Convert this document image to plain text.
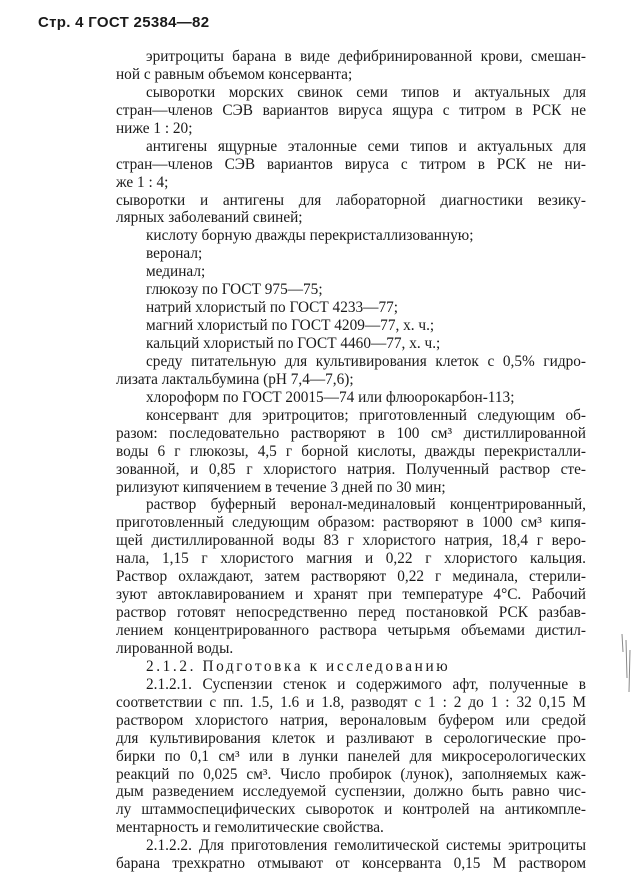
Стр. 4 ГОСТ 25384—82
эритроциты барана в виде дефибринированной крови, смешан-
ной с равным объемом консерванта;
сыворотки морских свинок семи типов и актуальных для
стран—членов СЭВ вариантов вируса ящура с титром в РСК не
ниже 1 : 20;
антигены ящурные эталонные семи типов и актуальных для
стран—членов СЭВ вариантов вируса с титром в РСК не ни-
же 1 : 4;
сыворотки и антигены для лабораторной диагностики везику-
лярных заболеваний свиней;
кислоту борную дважды перекристаллизованную;
веронал;
мединал;
глюкозу по ГОСТ 975—75;
натрий хлористый по ГОСТ 4233—77;
магний хлористый по ГОСТ 4209—77, х. ч.;
кальций хлористый по ГОСТ 4460—77, х. ч.;
среду питательную для культивирования клеток с 0,5% гидро-
лизата лактальбумина (рН 7,4—7,6);
хлороформ по ГОСТ 20015—74 или флюорокарбон-113;
консервант для эритроцитов; приготовленный следующим об-
разом: последовательно растворяют в 100 см³ дистиллированной
воды 6 г глюкозы, 4,5 г борной кислоты, дважды перекристалли-
зованной, и 0,85 г хлористого натрия. Полученный раствор сте-
рилизуют кипячением в течение 3 дней по 30 мин;
раствор буферный веронал-мединаловый концентрированный,
приготовленный следующим образом: растворяют в 1000 см³ кипя-
щей дистиллированной воды 83 г хлористого натрия, 18,4 г веро-
нала, 1,15 г хлористого магния и 0,22 г хлористого кальция.
Раствор охлаждают, затем растворяют 0,22 г мединала, стерили-
зуют автоклавированием и хранят при температуре 4°С. Рабочий
раствор готовят непосредственно перед постановкой РСК разбав-
лением концентрированного раствора четырьмя объемами дистил-
лированной воды.
2.1.2. Подготовка к исследованию
2.1.2.1. Суспензии стенок и содержимого афт, полученные в
соответствии с пп. 1.5, 1.6 и 1.8, разводят с 1 : 2 до 1 : 32 0,15 М
раствором хлористого натрия, вероналовым буфером или средой
для культивирования клеток и разливают в серологические про-
бирки по 0,1 см³ или в лунки панелей для микросерологических
реакций по 0,025 см³. Число пробирок (лунок), заполняемых каж-
дым разведением исследуемой суспензии, должно быть равно чис-
лу штаммоспецифических сывороток и контролей на антикомпле-
ментарность и гемолитические свойства.
2.1.2.2. Для приготовления гемолитической системы эритроциты
барана трехкратно отмывают от консерванта 0,15 М раствором
